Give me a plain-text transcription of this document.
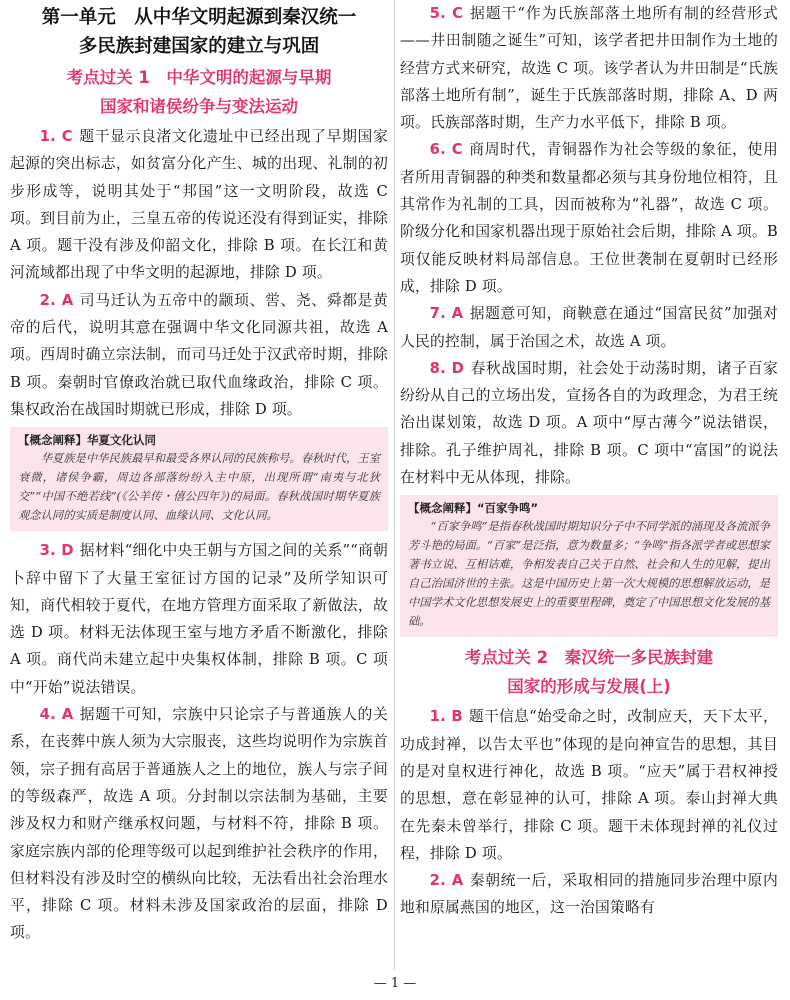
第一单元　从中华文明起源到秦汉统一
多民族封建国家的建立与巩固
考点过关 1　中华文明的起源与早期
国家和诸侯纷争与变法运动

1. C 题干显示良渚文化遗址中已经出现了早期国家起源的突出标志，如贫富分化产生、城的出现、礼制的初步形成等，说明其处于“邦国”这一文明阶段，故选 C 项。到目前为止，三皇五帝的传说还没有得到证实，排除 A 项。题干没有涉及仰韶文化，排除 B 项。在长江和黄河流域都出现了中华文明的起源地，排除 D 项。

2. A 司马迁认为五帝中的颛顼、喾、尧、舜都是黄帝的后代，说明其意在强调中华文化同源共祖，故选 A 项。西周时确立宗法制，而司马迁处于汉武帝时期，排除 B 项。秦朝时官僚政治就已取代血缘政治，排除 C 项。集权政治在战国时期就已形成，排除 D 项。

【概念阐释】华夏文化认同

华夏族是中华民族最早和最受各界认同的民族称号。春秋时代，王室衰微，诸侯争霸，周边各部落纷纷入主中原，出现所谓“南夷与北狄交”“中国不绝若线”(《公羊传・僖公四年》)的局面。春秋战国时期华夏族观念认同的实质是制度认同、血缘认同、文化认同。

3. D 据材料“细化中央王朝与方国之间的关系”“商朝卜辞中留下了大量王室征讨方国的记录”及所学知识可知，商代相较于夏代，在地方管理方面采取了新做法，故选 D 项。材料无法体现王室与地方矛盾不断激化，排除 A 项。商代尚未建立起中央集权体制，排除 B 项。C 项中“开始”说法错误。

4. A 据题干可知，宗族中只论宗子与普通族人的关系，在丧葬中族人须为大宗服丧，这些均说明作为宗族首领，宗子拥有高居于普通族人之上的地位，族人与宗子间的等级森严，故选 A 项。分封制以宗法制为基础，主要涉及权力和财产继承权问题，与材料不符，排除 B 项。家庭宗族内部的伦理等级可以起到维护社会秩序的作用，但材料没有涉及时空的横纵向比较，无法看出社会治理水平，排除 C 项。材料未涉及国家政治的层面，排除 D 项。

5. C 据题干“作为氏族部落土地所有制的经营形式——井田制随之诞生”可知，该学者把井田制作为土地的经营方式来研究，故选 C 项。该学者认为井田制是“氏族部落土地所有制”，诞生于氏族部落时期，排除 A、D 两项。氏族部落时期，生产力水平低下，排除 B 项。

6. C 商周时代，青铜器作为社会等级的象征，使用者所用青铜器的种类和数量都必须与其身份地位相符，且其常作为礼制的工具，因而被称为“礼器”，故选 C 项。阶级分化和国家机器出现于原始社会后期，排除 A 项。B 项仅能反映材料局部信息。王位世袭制在夏朝时已经形成，排除 D 项。

7. A 据题意可知，商鞅意在通过“国富民贫”加强对人民的控制，属于治国之术，故选 A 项。

8. D 春秋战国时期，社会处于动荡时期，诸子百家纷纷从自己的立场出发，宣扬各自的为政理念，为君王统治出谋划策，故选 D 项。A 项中“厚古薄今”说法错误，排除。孔子维护周礼，排除 B 项。C 项中“富国”的说法在材料中无从体现，排除。

【概念阐释】“百家争鸣”

“百家争鸣”是指春秋战国时期知识分子中不同学派的涌现及各流派争芳斗艳的局面。“百家”是泛指，意为数量多；“争鸣”指各派学者或思想家著书立说、互相诘难，争相发表自己关于自然、社会和人生的见解，提出自己治国济世的主张。这是中国历史上第一次大规模的思想解放运动，是中国学术文化思想发展史上的重要里程碑，奠定了中国思想文化发展的基础。

考点过关 2　秦汉统一多民族封建
国家的形成与发展(上)

1. B 题干信息“始受命之时，改制应天，天下太平，功成封禅，以告太平也”体现的是向神宣告的思想，其目的是对皇权进行神化，故选 B 项。“应天”属于君权神授的思想，意在彰显神的认可，排除 A 项。泰山封禅大典在先秦未曾举行，排除 C 项。题干未体现封禅的礼仪过程，排除 D 项。

2. A 秦朝统一后，采取相同的措施同步治理中原内地和原属燕国的地区，这一治国策略有

— 1 —
